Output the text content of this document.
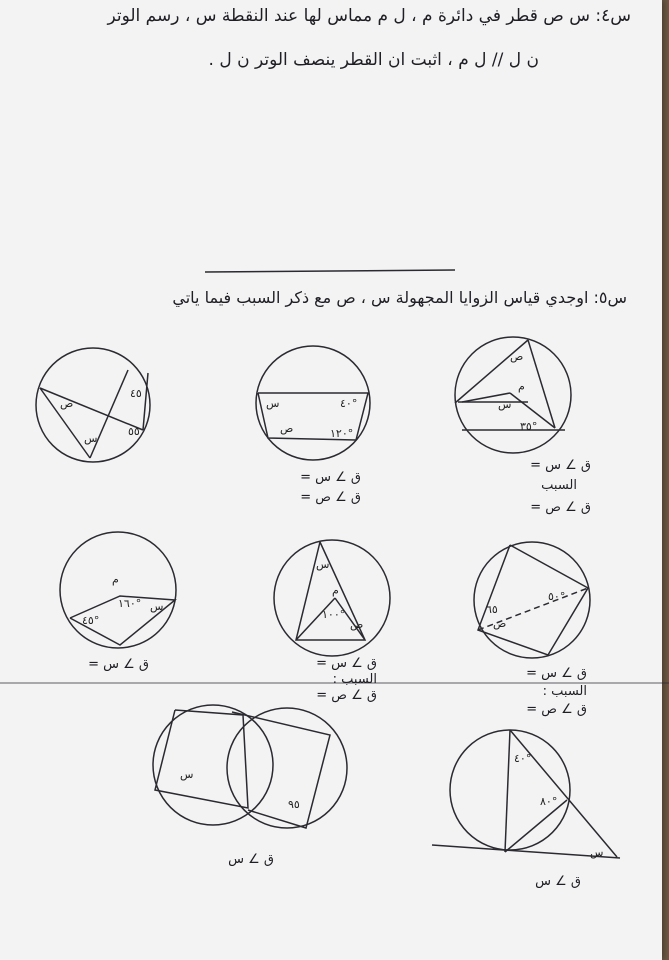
س٤: س ص قطر في دائرة م ، ل م مماس لها عند النقطة س ، رسم الوتر
ن ل // ل م ، اثبت ان القطر ينصف الوتر ن ل .
س٥: اوجدي قياس الزوايا المجهولة س ، ص مع ذكر السبب فيما ياتي
ص
م
٣٥°
س
س
ص
٤٠°
١٢٠°
ص
٤٥
٥٥
س
م
١٦٠°
٤٥°
س
س
م
١٠٠°
ص
٦٥
ص
٥٠°
٤٠°
٨٠°
س
س
٩٥
ق ∠ س =
السبب
ق ∠ ص =
ق ∠ س =
ق ∠ ص =
ق ∠ س =	ق ∠ س =
السبب :
ق ∠ ص =
ق ∠ س =
السبب :
ق ∠ ص =
ق ∠ س
ق ∠ س
